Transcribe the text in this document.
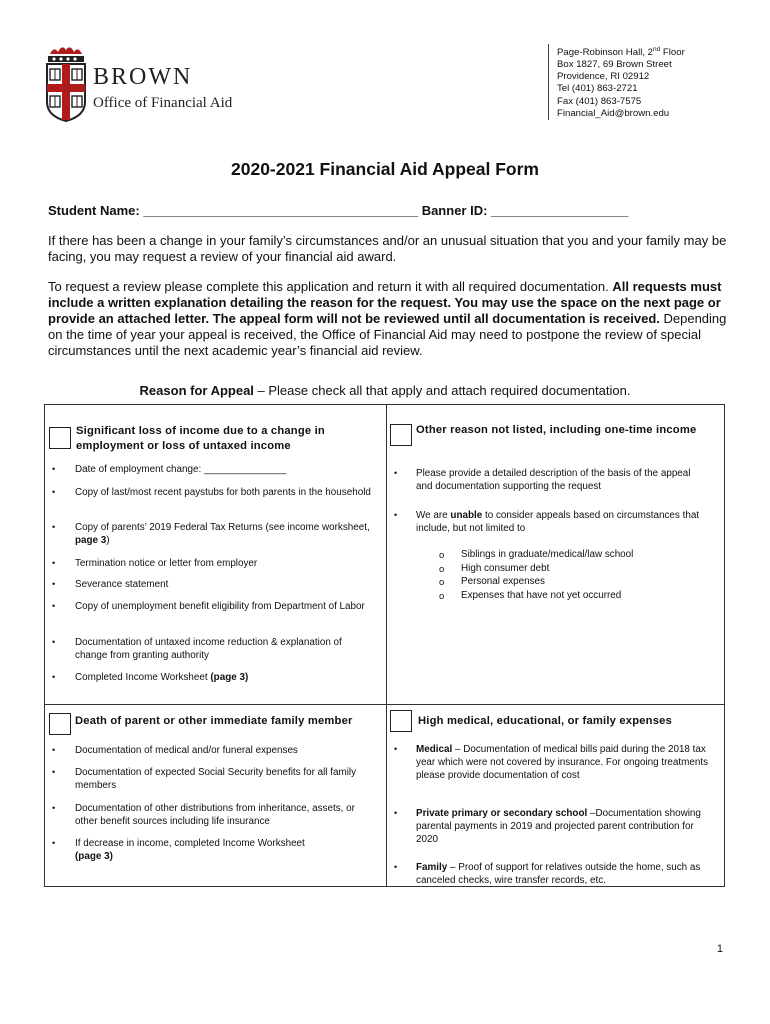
BROWN
Office of Financial Aid
Page-Robinson Hall, 2nd Floor
Box 1827, 69 Brown Street
Providence, RI 02912
Tel (401) 863-2721
Fax (401) 863-7575
Financial_Aid@brown.edu
2020-2021 Financial Aid Appeal Form
Student Name: ______________________________________ Banner ID: ___________________
If there has been a change in your family’s circumstances and/or an unusual situation that you and your family may be facing, you may request a review of your financial aid award.
To request a review please complete this application and return it with all required documentation. All requests must include a written explanation detailing the reason for the request. You may use the space on the next page or provide an attached letter. The appeal form will not be reviewed until all documentation is received. Depending on the time of year your appeal is received, the Office of Financial Aid may need to postpone the review of special circumstances until the next academic year’s financial aid review.
Reason for Appeal – Please check all that apply and attach required documentation.
Significant loss of income due to a change in employment or loss of untaxed income
• Date of employment change: _______________
• Copy of last/most recent paystubs for both parents in the household
• Copy of parents’ 2019 Federal Tax Returns (see income worksheet, page 3)
• Termination notice or letter from employer
• Severance statement
• Copy of unemployment benefit eligibility from Department of Labor
• Documentation of untaxed income reduction & explanation of change from granting authority
• Completed Income Worksheet (page 3)
Other reason not listed, including one-time income
• Please provide a detailed description of the basis of the appeal and documentation supporting the request
• We are unable to consider appeals based on circumstances that include, but not limited to
o Siblings in graduate/medical/law school
o High consumer debt
o Personal expenses
o Expenses that have not yet occurred
Death of parent or other immediate family member
• Documentation of medical and/or funeral expenses
• Documentation of expected Social Security benefits for all family members
• Documentation of other distributions from inheritance, assets, or other benefit sources including life insurance
• If decrease in income, completed Income Worksheet
(page 3)
High medical, educational, or family expenses
• Medical – Documentation of medical bills paid during the 2018 tax year which were not covered by insurance. For ongoing treatments please provide documentation of cost
• Private primary or secondary school –Documentation showing parental payments in 2019 and projected parent contribution for 2020
• Family – Proof of support for relatives outside the home, such as canceled checks, wire transfer records, etc.
1
